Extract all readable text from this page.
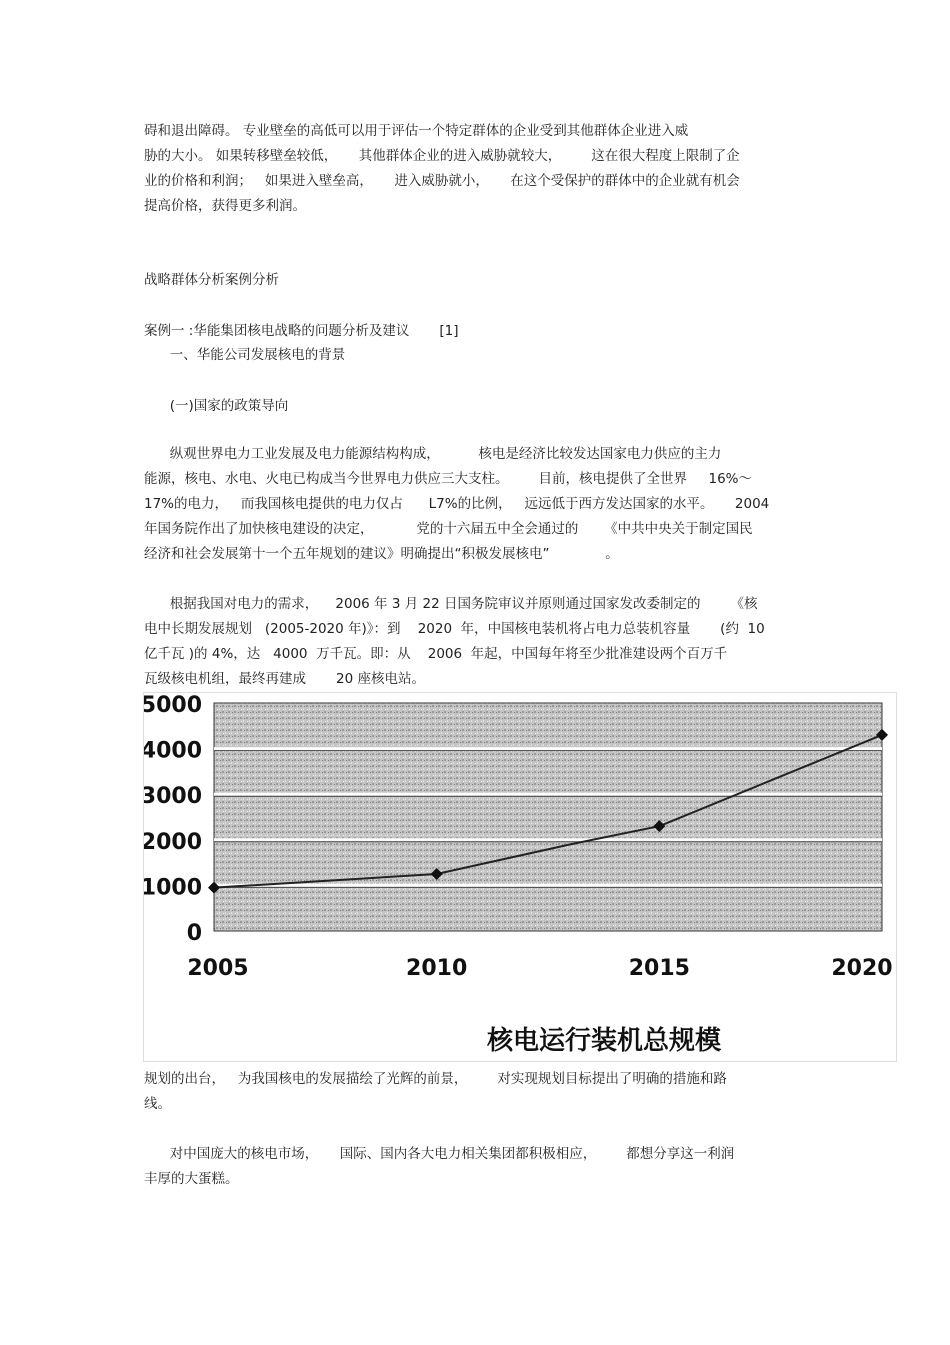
碍和退出障碍。 专业壁垒的高低可以用于评估一个特定群体的企业受到其他群体企业进入威
胁的大小。 如果转移壁垒较低，     其他群体企业的进入威胁就较大，       这在很大程度上限制了企
业的价格和利润；   如果进入壁垒高，     进入威胁就小，     在这个受保护的群体中的企业就有机会
提高价格，获得更多利润。
战略群体分析案例分析
案例一 :华能集团核电战略的问题分析及建议       [1]
一、华能公司发展核电的背景
(一)国家的政策导向
纵观世界电力工业发展及电力能源结构构成，         核电是经济比较发达国家电力供应的主力
能源，核电、水电、火电已构成当今世界电力供应三大支柱。       目前，核电提供了全世界     16%～
17%的电力，   而我国核电提供的电力仅占      L7%的比例，   远远低于西方发达国家的水平。     2004
年国务院作出了加快核电建设的决定，          党的十六届五中全会通过的      《中共中央关于制定国民
经济和社会发展第十一个五年规划的建议》明确提出“积极发展核电”             。
根据我国对电力的需求，    2006 年 3 月 22 日国务院审议并原则通过国家发改委制定的       《核
电中长期发展规划   (2005-2020 年)》：到    2020  年，中国核电装机将占电力总装机容量       (约  10
亿千瓦 )的 4%，达   4000  万千瓦。即：从    2006  年起，中国每年将至少批准建设两个百万千
瓦级核电机组，最终再建成       20 座核电站。
规划的出台，   为我国核电的发展描绘了光辉的前景，       对实现规划目标提出了明确的措施和路
线。
对中国庞大的核电市场，     国际、国内各大电力相关集团都积极相应，       都想分享这一利润
丰厚的大蛋糕。
0
1000
2000
3000
4000
5000
2005	2010	2015	2020
核电运行装机总规模
